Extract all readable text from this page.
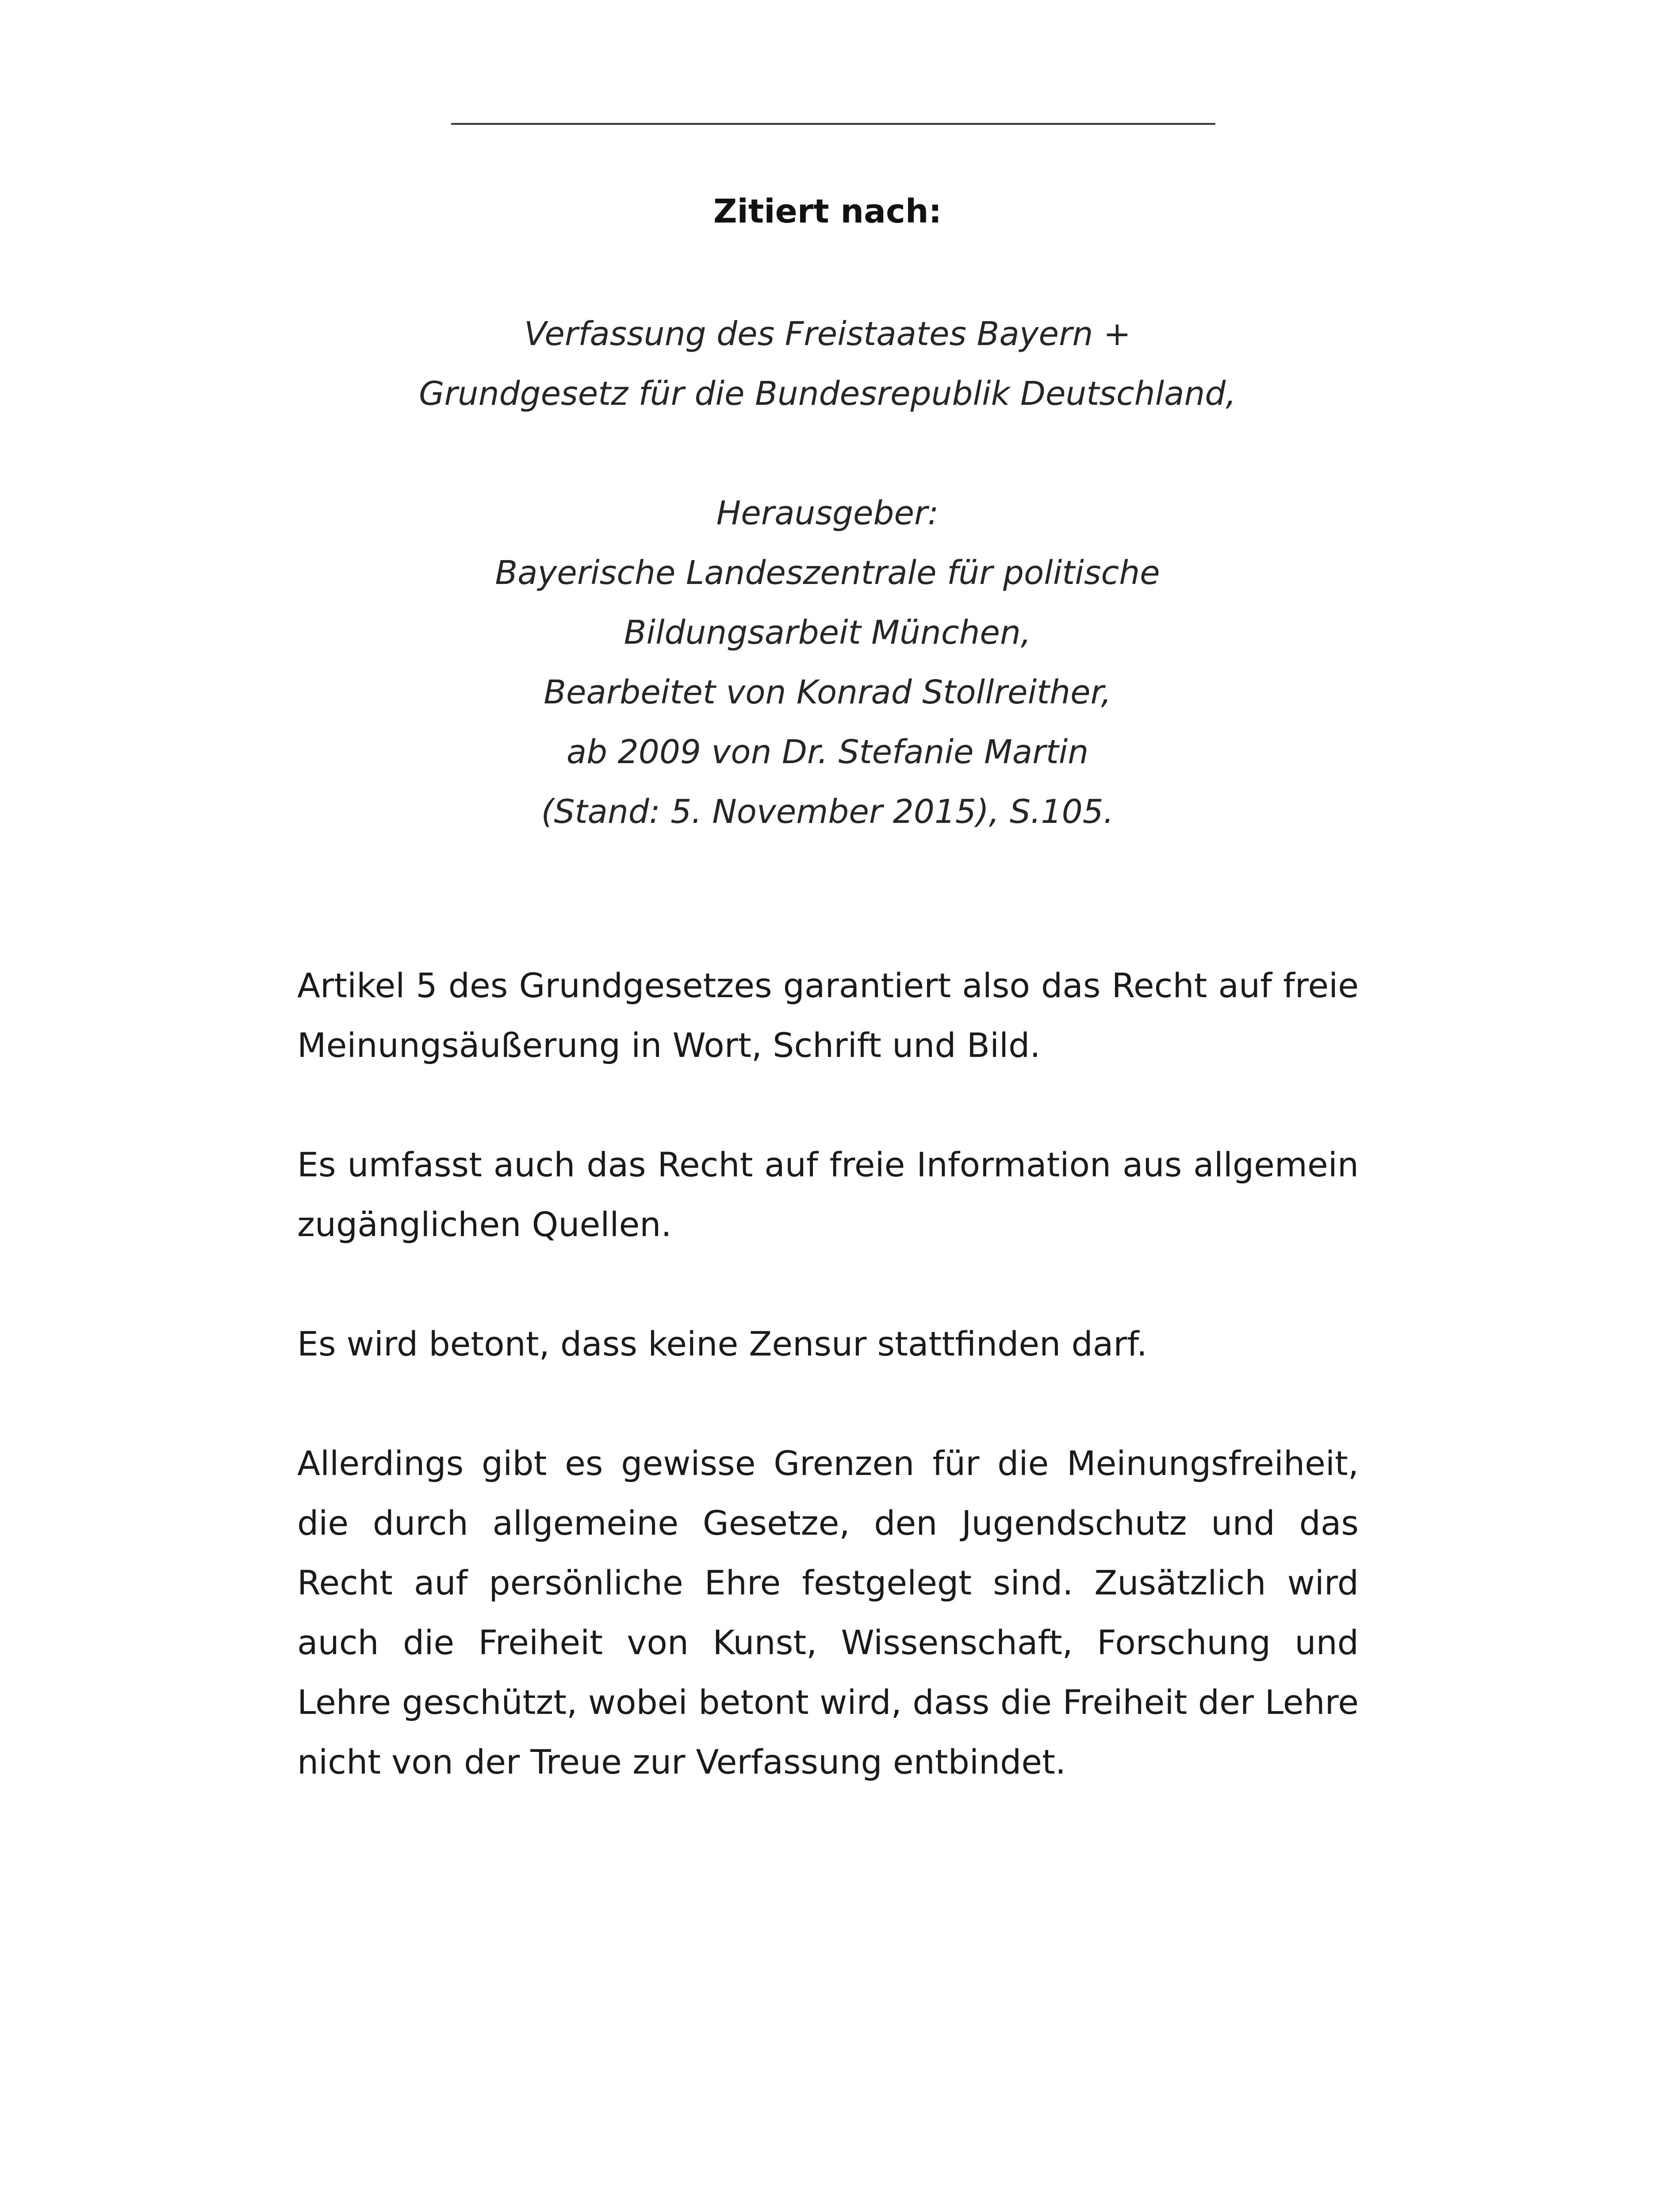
Zitiert nach:
Verfassung des Freistaates Bayern +
Grundgesetz für die Bundesrepublik Deutschland,
Herausgeber:
Bayerische Landeszentrale für politische
Bildungsarbeit München,
Bearbeitet von Konrad Stollreither,
ab 2009 von Dr. Stefanie Martin
(Stand: 5. November 2015), S.105.

Artikel 5 des Grundgesetzes garantiert also das Recht auf freie Meinungsäußerung in Wort, Schrift und Bild.

Es umfasst auch das Recht auf freie Information aus allgemein zugänglichen Quellen.

Es wird betont, dass keine Zensur stattfinden darf.

Allerdings gibt es gewisse Grenzen für die Meinungsfreiheit, die durch allgemeine Gesetze, den Jugendschutz und das Recht auf persönliche Ehre festgelegt sind. Zusätzlich wird auch die Freiheit von Kunst, Wissenschaft, Forschung und Lehre geschützt, wobei betont wird, dass die Freiheit der Lehre nicht von der Treue zur Verfassung entbindet.
